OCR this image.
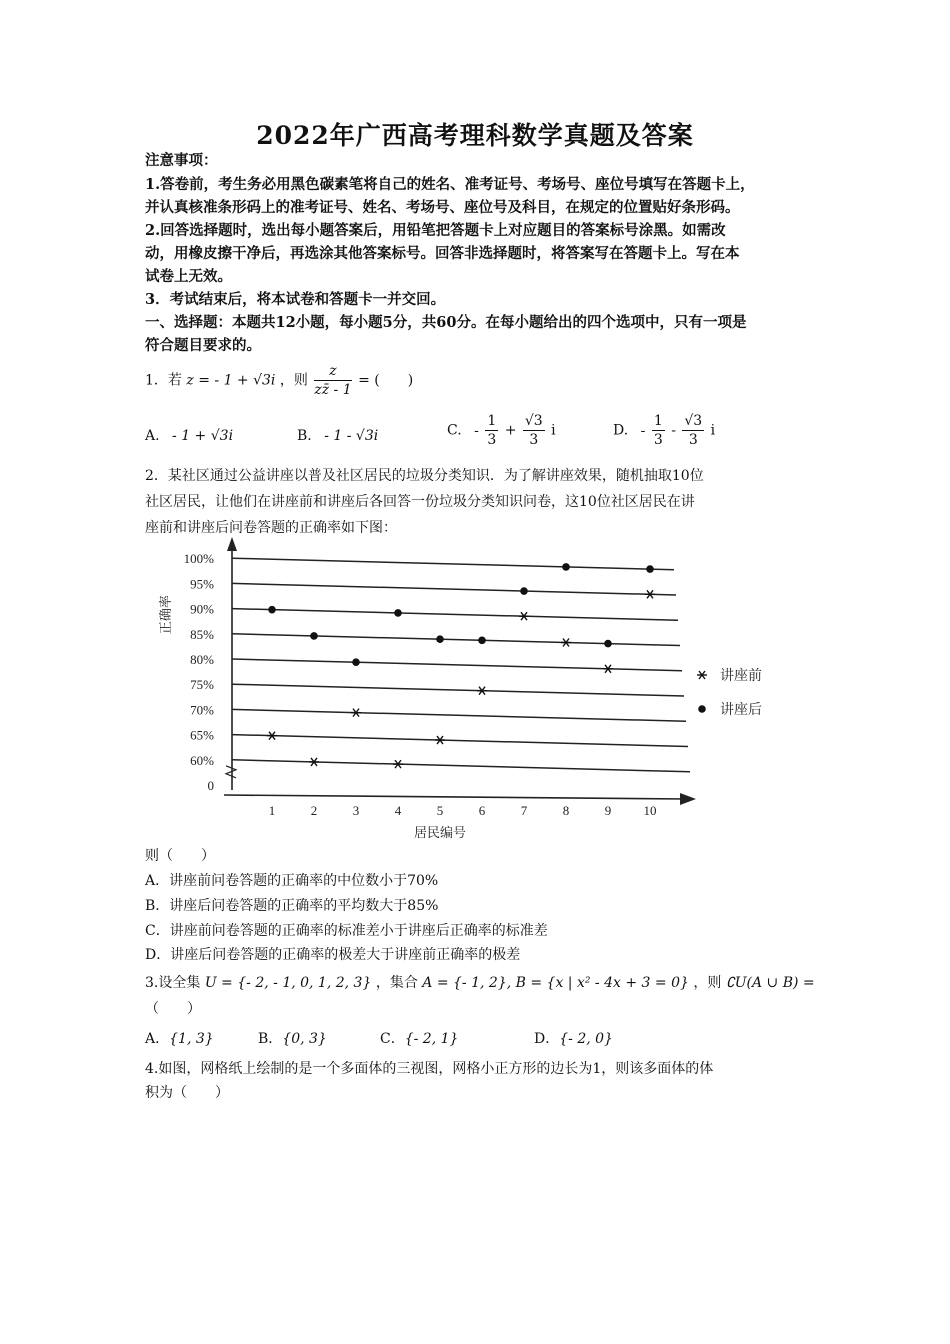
2022年广西高考理科数学真题及答案
注意事项：
1.答卷前，考生务必用黑色碳素笔将自己的姓名、准考证号、考场号、座位号填写在答题卡上，
并认真核准条形码上的准考证号、姓名、考场号、座位号及科目，在规定的位置贴好条形码。
2.回答选择题时，选出每小题答案后，用铅笔把答题卡上对应题目的答案标号涂黑。如需改
动，用橡皮擦干净后，再选涂其他答案标号。回答非选择题时，将答案写在答题卡上。写在本
试卷上无效。
3．考试结束后，将本试卷和答题卡一并交回。
一、选择题：本题共12小题，每小题5分，共60分。在每小题给出的四个选项中，只有一项是
符合题目要求的。
1．若 z = - 1 + √3i ，则 $\frac{z}{zz̄ - 1}$ = (　　)
A. - 1 + √3i	B. - 1 - √3i	C. - $\frac{1}{3} + \frac{√3}{3}$ i	D. - $\frac{1}{3} - \frac{√3}{3}$ i
2．某社区通过公益讲座以普及社区居民的垃圾分类知识．为了解讲座效果，随机抽取10位
社区居民，让他们在讲座前和讲座后各回答一份垃圾分类知识问卷，这10位社区居民在讲
座前和讲座后问卷答题的正确率如下图：
0
60%
65%
70%
75%
80%
85%
90%
95%
100%
1	2	3	4	5	6	7	8	9 10
居民编号
正确率
讲座前
讲座后
则（　　）
A．讲座前问卷答题的正确率的中位数小于70%
B．讲座后问卷答题的正确率的平均数大于85%
C．讲座前问卷答题的正确率的标准差小于讲座后正确率的标准差
D．讲座后问卷答题的正确率的极差大于讲座前正确率的极差
3.设全集 U = {- 2, - 1, 0, 1, 2, 3} ，集合 A = {- 1, 2}, B = {x | x² - 4x + 3 = 0} ，则 ∁U(A ∪ B) =
（　　）
A．{1, 3}	B．{0, 3}	C．{- 2, 1}	D．{- 2, 0}
4.如图，网格纸上绘制的是一个多面体的三视图，网格小正方形的边长为1，则该多面体的体
积为（　　）
